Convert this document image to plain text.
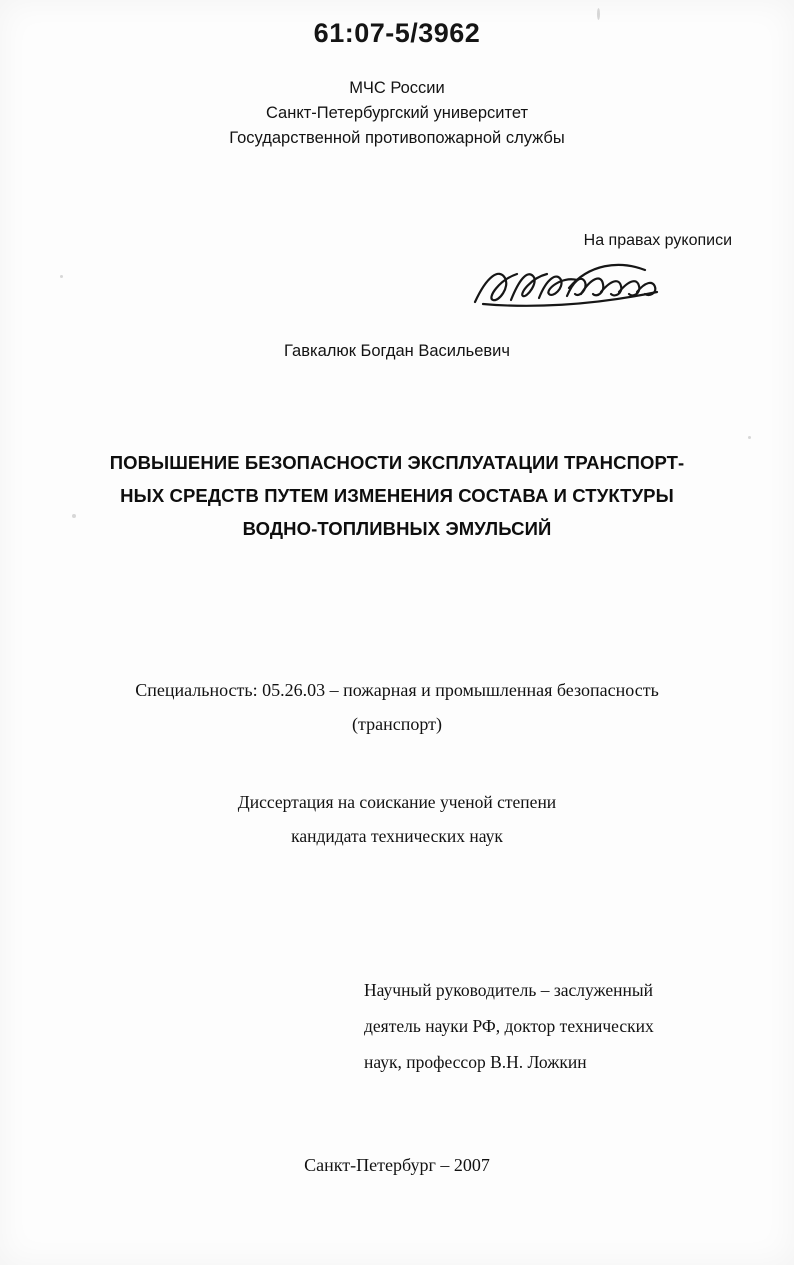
61:07-5/3962
МЧС России
Санкт-Петербургский университет
Государственной противопожарной службы
На правах рукописи
Гавкалюк Богдан Васильевич
ПОВЫШЕНИЕ БЕЗОПАСНОСТИ ЭКСПЛУАТАЦИИ ТРАНСПОРТ-
НЫХ СРЕДСТВ ПУТЕМ ИЗМЕНЕНИЯ СОСТАВА И СТУКТУРЫ
ВОДНО-ТОПЛИВНЫХ ЭМУЛЬСИЙ
Специальность: 05.26.03 – пожарная и промышленная безопасность
(транспорт)
Диссертация на соискание ученой степени
кандидата технических наук
Научный руководитель – заслуженный
деятель науки РФ, доктор технических
наук, профессор В.Н. Ложкин
Санкт-Петербург – 2007
